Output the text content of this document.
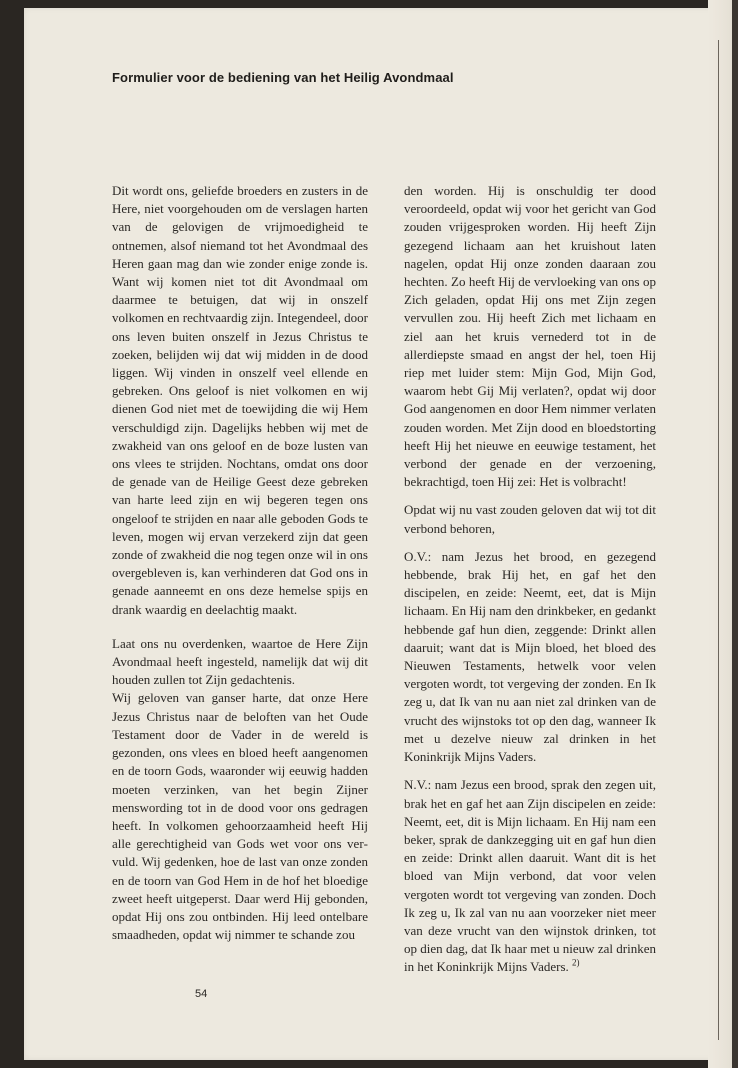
Formulier voor de bediening van het Heilig Avondmaal

Dit wordt ons, geliefde broeders en zusters in de Here, niet voorgehouden om de verslagen harten van de gelovigen de vrijmoedigheid te ontnemen, alsof niemand tot het Avondmaal des Heren gaan mag dan wie zonder enige zonde is. Want wij komen niet tot dit Avondmaal om daarmee te betuigen, dat wij in onszelf volkomen en rechtvaardig zijn. Integendeel, door ons leven buiten onszelf in Jezus Christus te zoeken, belijden wij dat wij midden in de dood liggen. Wij vinden in onszelf veel ellende en gebreken. Ons geloof is niet volkomen en wij dienen God niet met de toewijding die wij Hem verschuldigd zijn. Dagelijks hebben wij met de zwakheid van ons geloof en de boze lusten van ons vlees te strijden. Nochtans, omdat ons door de genade van de Heilige Geest deze gebreken van harte leed zijn en wij begeren tegen ons ongeloof te strijden en naar alle geboden Gods te leven, mogen wij ervan verzekerd zijn dat geen zonde of zwakheid die nog tegen onze wil in ons overgebleven is, kan verhinderen dat God ons in genade aanneemt en ons deze hemelse spijs en drank waardig en deelachtig maakt.

Laat ons nu overdenken, waartoe de Here Zijn Avondmaal heeft ingesteld, namelijk dat wij dit houden zullen tot Zijn gedachtenis.

Wij geloven van ganser harte, dat onze Here Jezus Christus naar de beloften van het Oude Testament door de Vader in de wereld is gezonden, ons vlees en bloed heeft aangenomen en de toorn Gods, waaronder wij eeuwig hadden moeten verzinken, van het begin Zijner menswording tot in de dood voor ons gedragen heeft. In volkomen gehoorzaamheid heeft Hij alle gerechtigheid van Gods wet voor ons vervuld. Wij gedenken, hoe de last van onze zonden en de toorn van God Hem in de hof het bloedige zweet heeft uitgeperst. Daar werd Hij gebonden, opdat Hij ons zou ontbinden. Hij leed ontelbare smaadheden, opdat wij nimmer te schande zou

den worden. Hij is onschuldig ter dood veroordeeld, opdat wij voor het gericht van God zouden vrijgesproken worden. Hij heeft Zijn gezegend lichaam aan het kruishout laten nagelen, opdat Hij onze zonden daaraan zou hechten. Zo heeft Hij de vervloeking van ons op Zich geladen, opdat Hij ons met Zijn zegen vervullen zou. Hij heeft Zich met lichaam en ziel aan het kruis vernederd tot in de allerdiepste smaad en angst der hel, toen Hij riep met luider stem: Mijn God, Mijn God, waarom hebt Gij Mij verlaten?, opdat wij door God aangenomen en door Hem nimmer verlaten zouden worden. Met Zijn dood en bloedstorting heeft Hij het nieuwe en eeuwige testament, het verbond der genade en der verzoening, bekrachtigd, toen Hij zei: Het is volbracht!

Opdat wij nu vast zouden geloven dat wij tot dit verbond behoren,

O.V.: nam Jezus het brood, en gezegend hebbende, brak Hij het, en gaf het den discipelen, en zeide: Neemt, eet, dat is Mijn lichaam. En Hij nam den drinkbeker, en gedankt hebbende gaf hun dien, zeggende: Drinkt allen daaruit; want dat is Mijn bloed, het bloed des Nieuwen Testaments, hetwelk voor velen vergoten wordt, tot vergeving der zonden. En Ik zeg u, dat Ik van nu aan niet zal drinken van de vrucht des wijnstoks tot op den dag, wanneer Ik met u dezelve nieuw zal drinken in het Koninkrijk Mijns Vaders.

N.V.: nam Jezus een brood, sprak den zegen uit, brak het en gaf het aan Zijn discipelen en zeide: Neemt, eet, dit is Mijn lichaam. En Hij nam een beker, sprak de dankzegging uit en gaf hun dien en zeide: Drinkt allen daaruit. Want dit is het bloed van Mijn verbond, dat voor velen vergoten wordt tot vergeving van zonden. Doch Ik zeg u, Ik zal van nu aan voorzeker niet meer van deze vrucht van den wijnstok drinken, tot op dien dag, dat Ik haar met u nieuw zal drinken in het Koninkrijk Mijns Vaders. $^{2)}$

54
